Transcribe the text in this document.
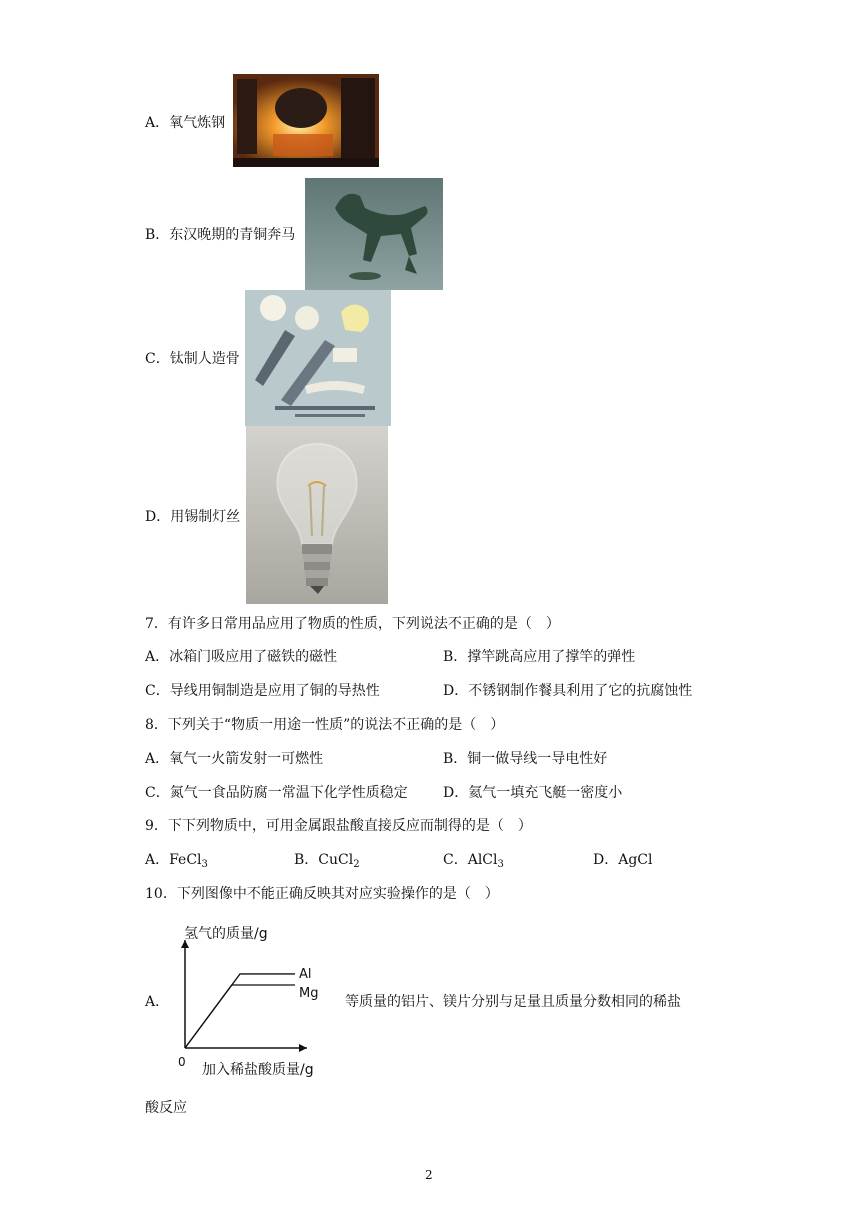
A．氧气炼钢
B．东汉晚期的青铜奔马
C．钛制人造骨
D．用锡制灯丝
7．有许多日常用品应用了物质的性质，下列说法不正确的是（　）
A．冰箱门吸应用了磁铁的磁性	B．撑竿跳高应用了撑竿的弹性
C．导线用铜制造是应用了铜的导热性	D．不锈钢制作餐具利用了它的抗腐蚀性
8．下列关于“物质一用途一性质”的说法不正确的是（　）
A．氧气一火箭发射一可燃性	B．铜一做导线一导电性好
C．氮气一食品防腐一常温下化学性质稳定	D．氦气一填充飞艇一密度小
9．下下列物质中，可用金属跟盐酸直接反应而制得的是（　）
A．FeCl$_3$	B．CuCl$_2$	C．AlCl$_3$	D．AgCl
10．下列图像中不能正确反映其对应实验操作的是（　）
A．
氢气的质量/g
加入稀盐酸质量/g
0
Al
Mg
等质量的铝片、镁片分别与足量且质量分数相同的稀盐
酸反应
2
